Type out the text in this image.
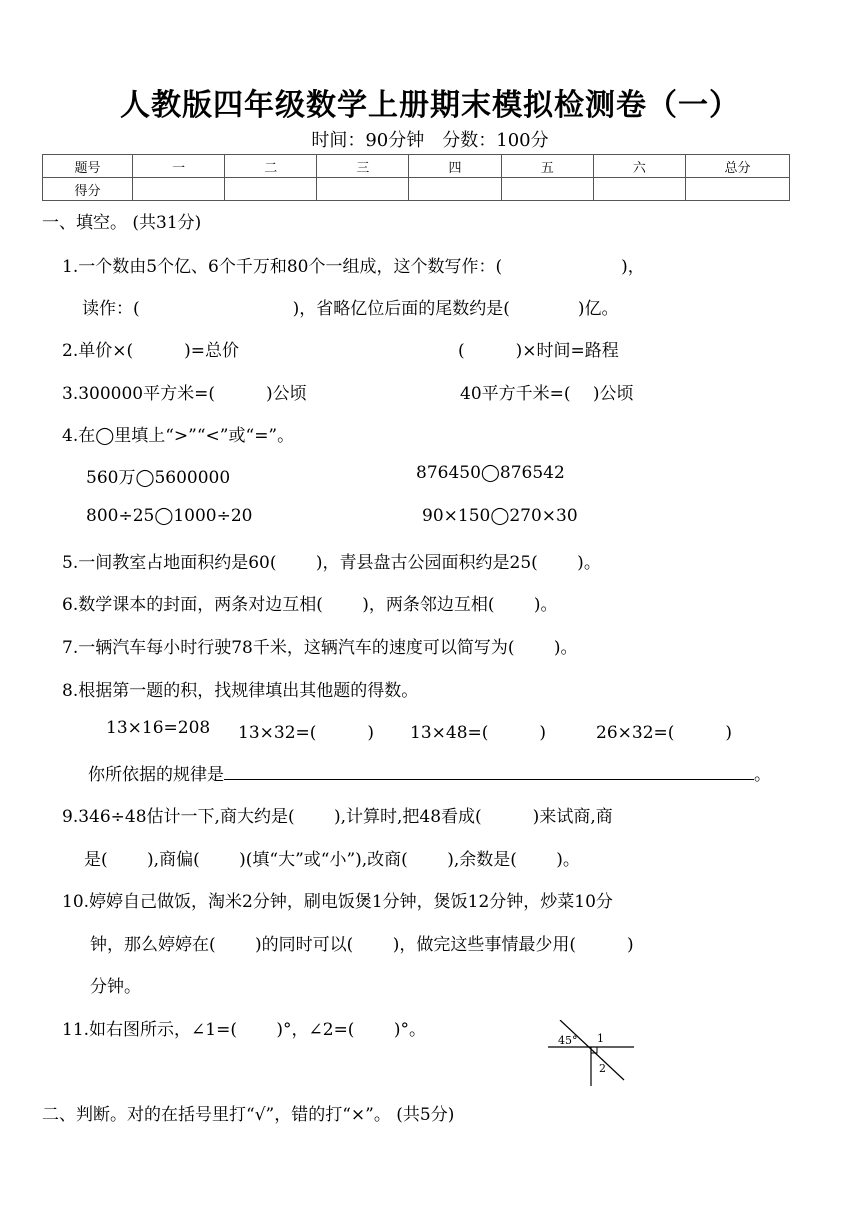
人教版四年级数学上册期末模拟检测卷（一）
时间：90分钟　分数：100分
题号	一	二	三	四	五	六	总分
得分							
一、填空。 (共31分)
1.一个数由5个亿、6个千万和80个一组成，这个数写作：(　　　　　　　)，
读作：(　　　　　　　　　)，省略亿位后面的尾数约是(　　　　)亿。
2.单价×(　　　)=总价	(　　　)×时间=路程
3.300000平方米=(　　　)公顷	40平方千米=(　 )公顷
4.在◯里填上“>”“<”或“=”。
560万◯5600000	876450◯876542
800÷25◯1000÷20	90×150◯270×30
5.一间教室占地面积约是60(　　 )，青县盘古公园面积约是25(　　 )。
6.数学课本的封面，两条对边互相(　　 )，两条邻边互相(　　 )。
7.一辆汽车每小时行驶78千米，这辆汽车的速度可以简写为(　　 )。
8.根据第一题的积，找规律填出其他题的得数。
13×16=208 13×32=(　　　) 13×48=(　　　)	26×32=(　　　)
你所依据的规律是	。
9.346÷48估计一下,商大约是(　　 ),计算时,把48看成(　　　)来试商,商
是(　　 ),商偏(　　 )(填“大”或“小”),改商(　　 ),余数是(　　 )。
10.婷婷自己做饭，淘米2分钟，刷电饭煲1分钟，煲饭12分钟，炒菜10分
钟，那么婷婷在(　　 )的同时可以(　　 )，做完这些事情最少用(　　　)
分钟。
11.如右图所示，∠1=(　　 )°，∠2=(　　 )°。
45° 1
2
二、判断。对的在括号里打“√”，错的打“×”。 (共5分)
